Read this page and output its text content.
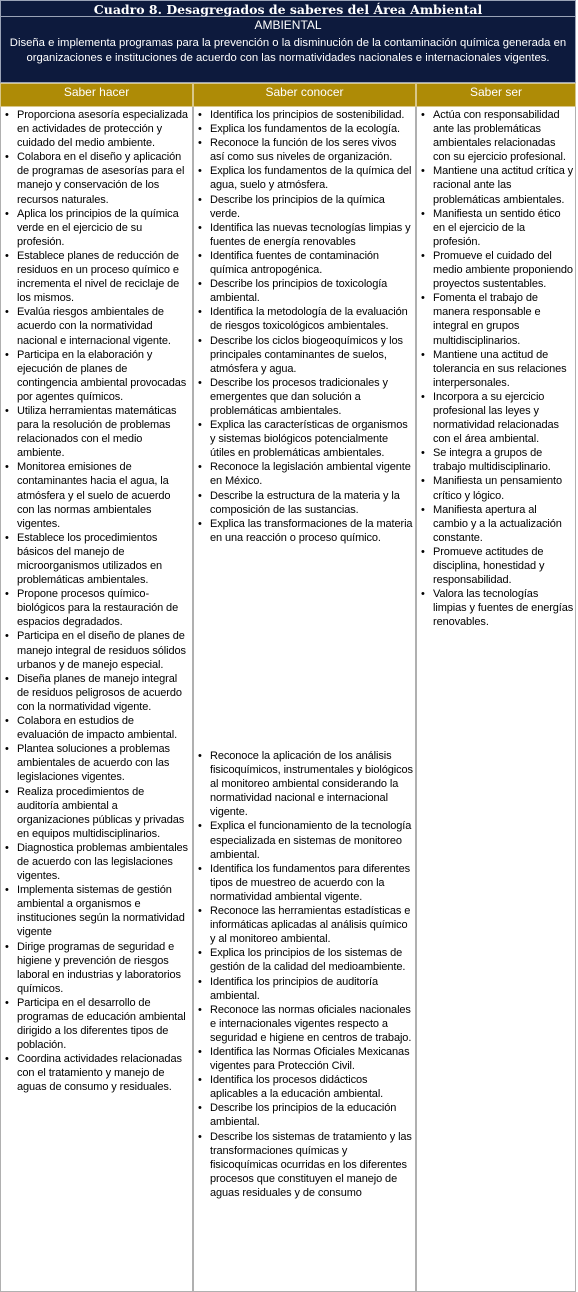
Cuadro 8. Desagregados de saberes del Área Ambiental
AMBIENTAL
Diseña e implementa programas para la prevención o la disminución de la contaminación química generada en organizaciones e instituciones de acuerdo con las normatividades nacionales e internacionales vigentes.
Saber hacer	Saber conocer	Saber ser
• Proporciona asesoría especializada en actividades de protección y cuidado del medio ambiente.
• Colabora en el diseño y aplicación de programas de asesorías para el manejo y conservación de los recursos naturales.
• Aplica los principios de la química verde en el ejercicio de su profesión.
• Establece planes de reducción de residuos en un proceso químico e incrementa el nivel de reciclaje de los mismos.
• Evalúa riesgos ambientales de acuerdo con la normatividad nacional e internacional vigente.
• Participa en la elaboración y ejecución de planes de contingencia ambiental provocadas por agentes químicos.
• Utiliza herramientas matemáticas para la resolución de problemas relacionados con el medio ambiente.
• Monitorea emisiones de contaminantes hacia el agua, la atmósfera y el suelo de acuerdo con las normas ambientales vigentes.
• Establece los procedimientos básicos del manejo de microorganismos utilizados en problemáticas ambientales.
• Propone procesos químico-biológicos para la restauración de espacios degradados.
• Participa en el diseño de planes de manejo integral de residuos sólidos urbanos y de manejo especial.
• Diseña planes de manejo integral de residuos peligrosos de acuerdo con la normatividad vigente.
• Colabora en estudios de evaluación de impacto ambiental.
• Plantea soluciones a problemas ambientales de acuerdo con las legislaciones vigentes.
• Realiza procedimientos de auditoría ambiental a organizaciones públicas y privadas en equipos multidisciplinarios.
• Diagnostica problemas ambientales de acuerdo con las legislaciones vigentes.
• Implementa sistemas de gestión ambiental a organismos e instituciones según la normatividad vigente
• Dirige programas de seguridad e higiene y prevención de riesgos laboral en industrias y laboratorios químicos.
• Participa en el desarrollo de programas de educación ambiental dirigido a los diferentes tipos de población.
• Coordina actividades relacionadas con el tratamiento y manejo de aguas de consumo y residuales.
• Identifica los principios de sostenibilidad.
• Explica los fundamentos de la ecología.
• Reconoce la función de los seres vivos así como sus niveles de organización.
• Explica los fundamentos de la química del agua, suelo y atmósfera.
• Describe los principios de la química verde.
• Identifica las nuevas tecnologías limpias y fuentes de energía renovables
• Identifica fuentes de contaminación química antropogénica.
• Describe los principios de toxicología ambiental.
• Identifica la metodología de la evaluación de riesgos toxicológicos ambientales.
• Describe los ciclos biogeoquímicos y los principales contaminantes de suelos, atmósfera y agua.
• Describe los procesos tradicionales y emergentes que dan solución a problemáticas ambientales.
• Explica las características de organismos y sistemas biológicos potencialmente útiles en problemáticas ambientales.
• Reconoce la legislación ambiental vigente en México.
• Describe la estructura de la materia y la composición de las sustancias.
• Explica las transformaciones de la materia en una reacción o proceso químico.
• Reconoce la aplicación de los análisis fisicoquímicos, instrumentales y biológicos al monitoreo ambiental considerando la normatividad nacional e internacional vigente.
• Explica el funcionamiento de la tecnología especializada en sistemas de monitoreo ambiental.
• Identifica los fundamentos para diferentes tipos de muestreo de acuerdo con la normatividad ambiental vigente.
• Reconoce las herramientas estadísticas e informáticas aplicadas al análisis químico y al monitoreo ambiental.
• Explica los principios de los sistemas de gestión de la calidad del medioambiente.
• Identifica los principios de auditoría ambiental.
• Reconoce las normas oficiales nacionales e internacionales vigentes respecto a seguridad e higiene en centros de trabajo.
• Identifica las Normas Oficiales Mexicanas vigentes para Protección Civil.
• Identifica los procesos didácticos aplicables a la educación ambiental.
• Describe los principios de la educación ambiental.
• Describe los sistemas de tratamiento y las transformaciones químicas y fisicoquímicas ocurridas en los diferentes procesos que constituyen el manejo de aguas residuales y de consumo
• Actúa con responsabilidad ante las problemáticas ambientales relacionadas con su ejercicio profesional.
• Mantiene una actitud crítica y racional ante las problemáticas ambientales.
• Manifiesta un sentido ético en el ejercicio de la profesión.
• Promueve el cuidado del medio ambiente proponiendo proyectos sustentables.
• Fomenta el trabajo de manera responsable e integral en grupos multidisciplinarios.
• Mantiene una actitud de tolerancia en sus relaciones interpersonales.
• Incorpora a su ejercicio profesional las leyes y normatividad relacionadas con el área ambiental.
• Se integra a grupos de trabajo multidisciplinario.
• Manifiesta un pensamiento crítico y lógico.
• Manifiesta apertura al cambio y a la actualización constante.
• Promueve actitudes de disciplina, honestidad y responsabilidad.
• Valora las tecnologías limpias y fuentes de energías renovables.
